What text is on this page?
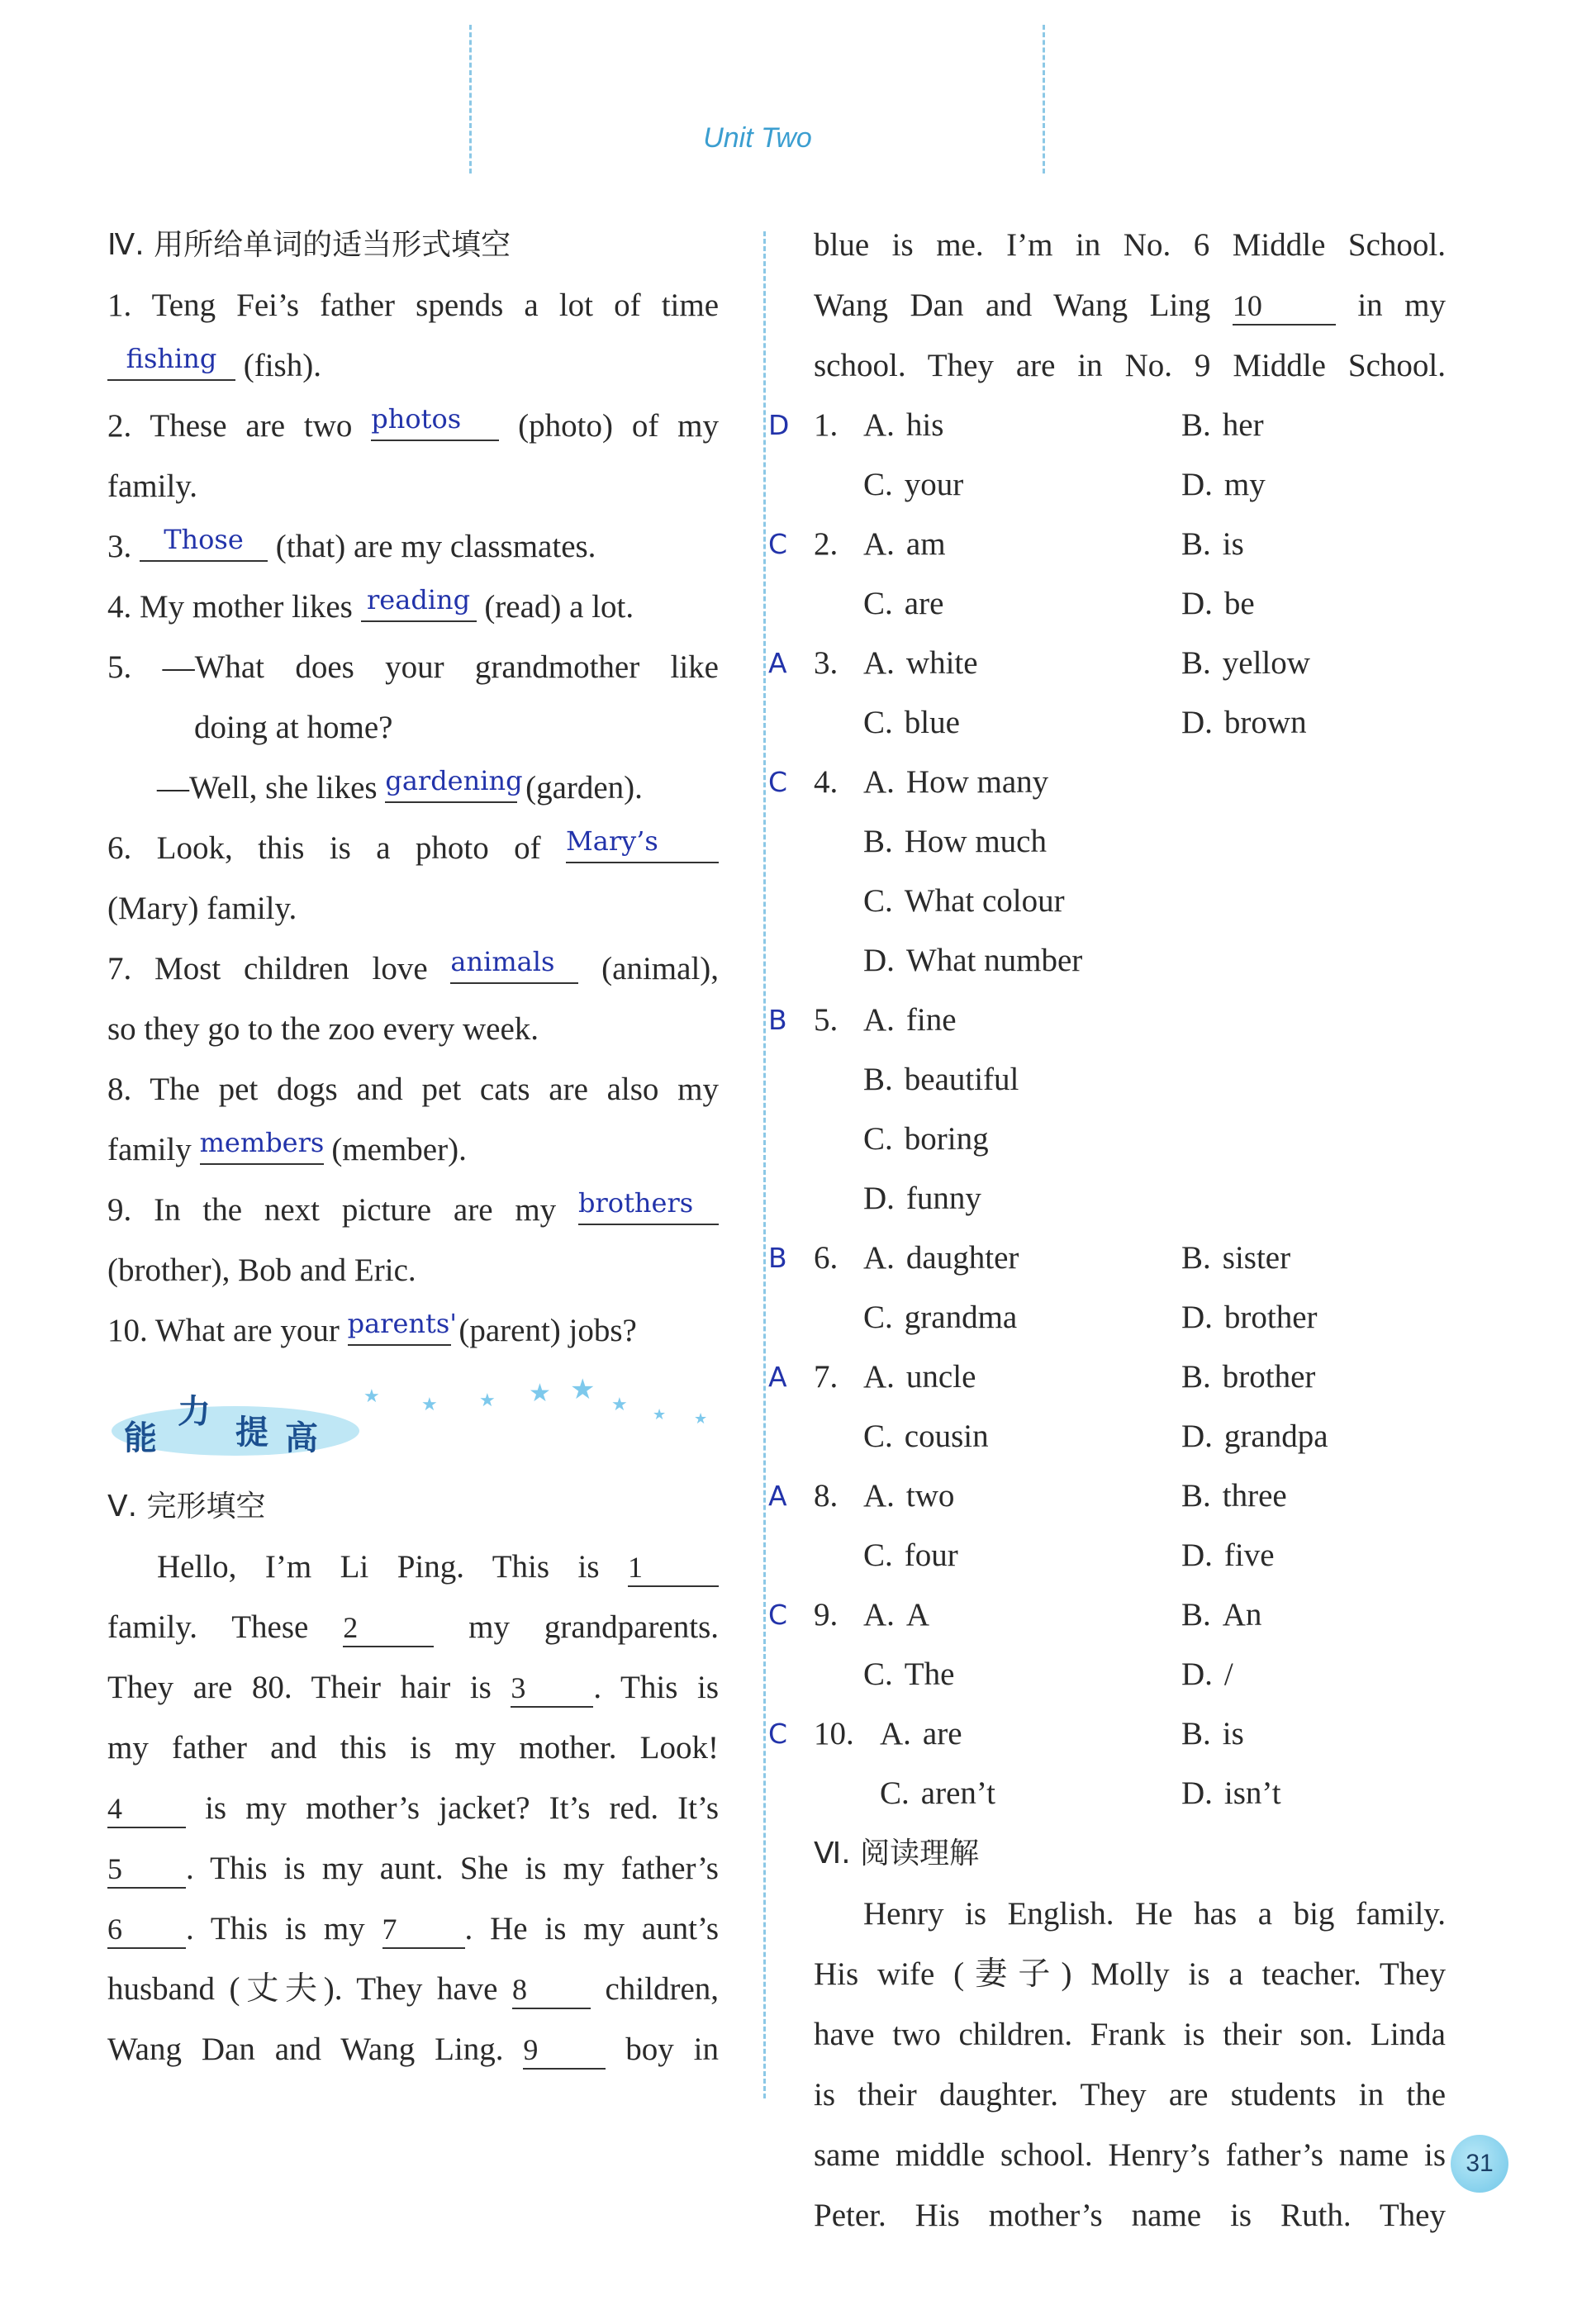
Unit Two
Ⅳ. 用所给单词的适当形式填空
1. Teng Fei’s father spends a lot of time
fishing (fish).
2. These are two photos (photo) of my
family.
3. Those (that) are my classmates.
4. My mother likes reading (read) a lot.
5. —What does your grandmother like
doing at home?
—Well, she likes gardening (garden).
6. Look, this is a photo of Mary’s
(Mary) family.
7. Most children love animals (animal),
so they go to the zoo every week.
8. The pet dogs and pet cats are also my
family members (member).
9. In the next picture are my brothers
(brother), Bob and Eric.
10. What are your parents' (parent) jobs?
能
力
提 高
★ ★ ★ ★ ★ ★ ★ ★
Ⅴ. 完形填空
Hello, I’m Li Ping. This is 1
family. These 2	my grandparents.
They are 80. Their hair is 3 . This is
my father and this is my mother. Look!
4	is my mother’s jacket? It’s red. It’s
5 . This is my aunt. She is my father’s
6 . This is my 7 . He is my aunt’s
husband (丈夫). They have 8 children,
Wang Dan and Wang Ling. 9	boy in
blue is me. I’m in No. 6 Middle School.
Wang Dan and Wang Ling 10	in my
school. They are in No. 9 Middle School.
D 1. A. his	B. her
C. your	D. my
C 2. A. am	B. is
C. are	D. be
A 3. A. white	B. yellow
C. blue	D. brown
C 4. A. How many
B. How much
C. What colour
D. What number
B 5. A. fine
B. beautiful
C. boring
D. funny
B 6. A. daughter	B. sister
C. grandma	D. brother
A 7. A. uncle	B. brother
C. cousin	D. grandpa
A 8. A. two	B. three
C. four	D. five
C 9. A. A	B. An
C. The	D. /
C 10. A. are	B. is
C. aren’t	D. isn’t
Ⅵ. 阅读理解
Henry is English. He has a big family.
His wife (妻子) Molly is a teacher. They
have two children. Frank is their son. Linda
is their daughter. They are students in the
same middle school. Henry’s father’s name is
Peter. His mother’s name is Ruth. They
31
